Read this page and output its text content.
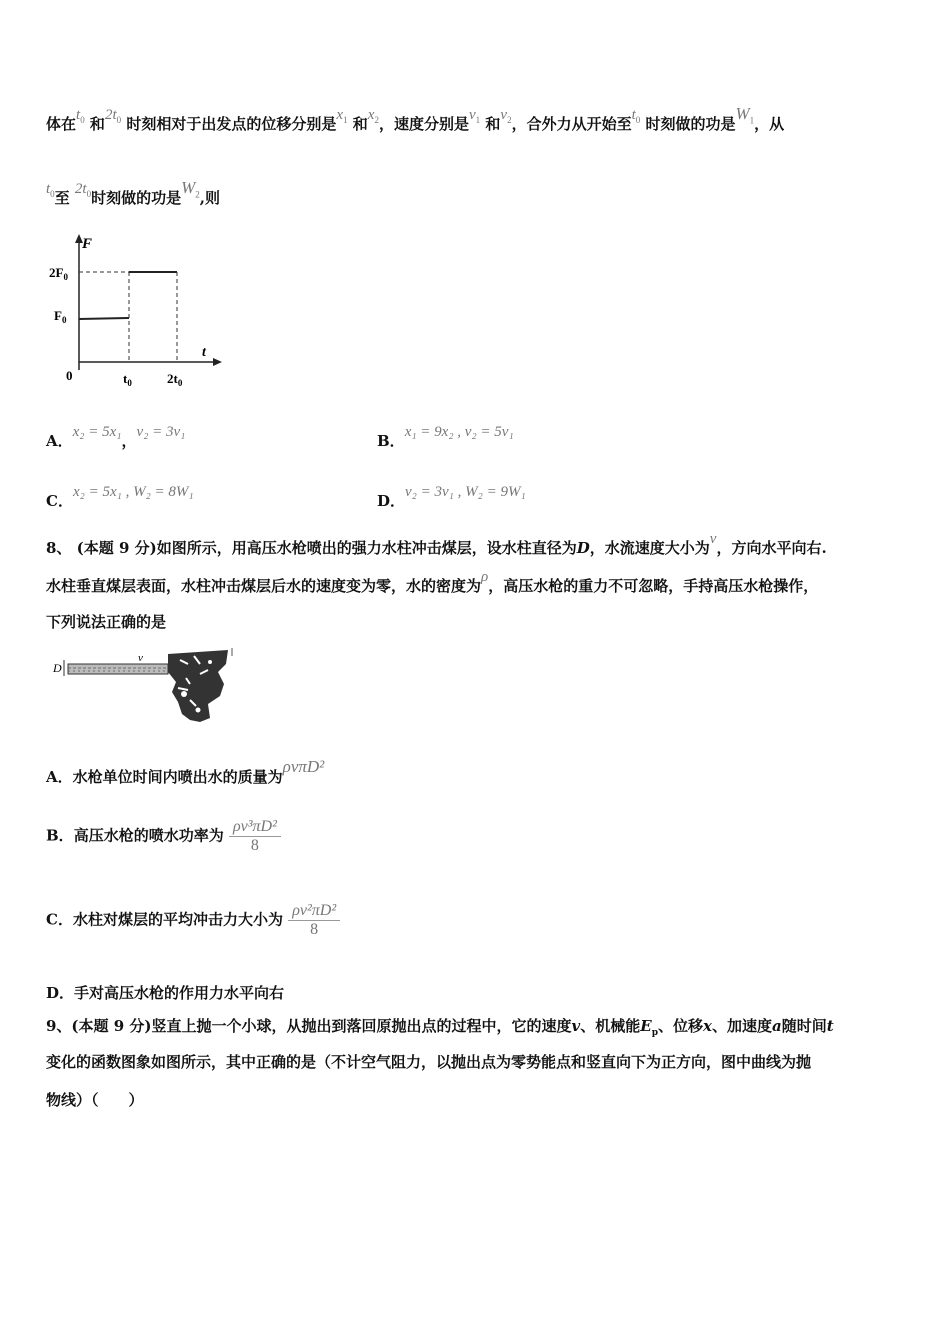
体在$t_0$ 和$2t_0$ 时刻相对于出发点的位移分别是$x_1$ 和$x_2$，速度分别是$v_1$ 和$v_2$，合外力从开始至$t_0$ 时刻做的功是$W_1$，从
$t_0$至 $2t_0$时刻做的功是$W_2$,则
F
t
0
$2F_0$
$F_0$
$t_0$	$2t_0$
A．x₂ = 5x₁，v₂ = 3v₁	B．x₁ = 9x₂ , v₂ = 5v₁
C．x₂ = 5x₁ , W₂ = 8W₁	D．v₂ = 3v₁ , W₂ = 9W₁
8、 (本题 9 分)如图所示，用高压水枪喷出的强力水柱冲击煤层，设水柱直径为D，水流速度大小为v，方向水平向右.
水柱垂直煤层表面，水柱冲击煤层后水的速度变为零，水的密度为ρ，高压水枪的重力不可忽略，手持高压水枪操作，
下列说法正确的是
D
v
D
A．水枪单位时间内喷出水的质量为ρvπD²
B．高压水枪的喷水功率为 $\frac{\text{ρv³πD²}}{8}$
C．水柱对煤层的平均冲击力大小为 $\frac{\text{ρv²πD²}}{8}$
D．手对高压水枪的作用力水平向右
9、(本题 9 分)竖直上抛一个小球，从抛出到落回原抛出点的过程中，它的速度v、机械能$E_p$、位移x、加速度a随时间t
变化的函数图象如图所示，其中正确的是（不计空气阻力，以抛出点为零势能点和竖直向下为正方向，图中曲线为抛
物线）（　　）
